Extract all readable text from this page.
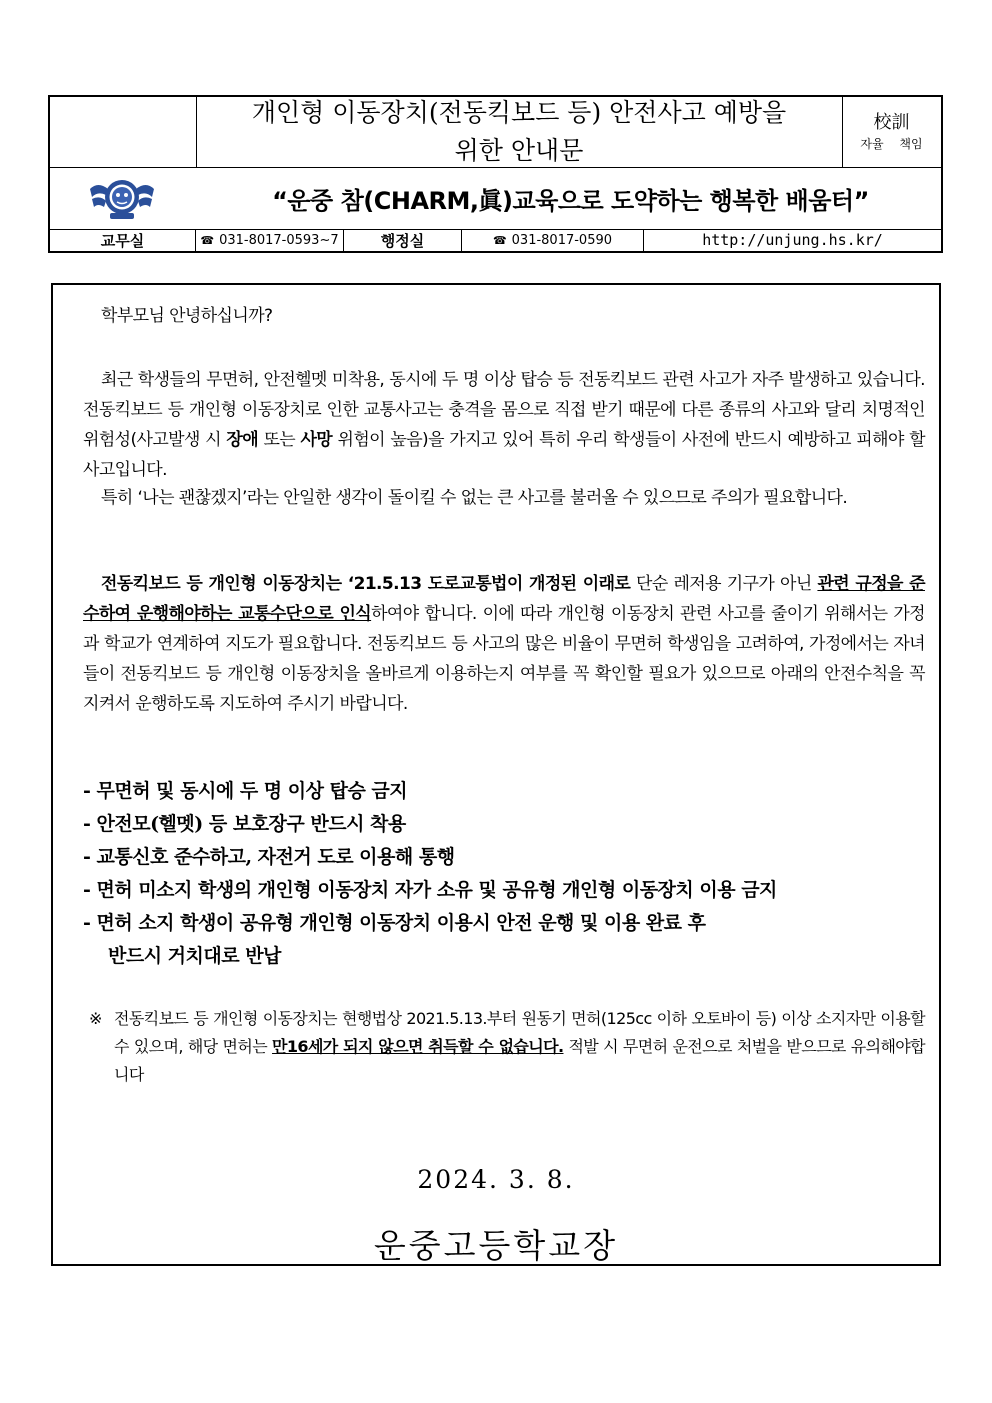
개인형 이동장치(전동킥보드 등) 안전사고 예방을
위한 안내문
校訓
자율 책임
“운중 참(CHARM,眞)교육으로 도약하는 행복한 배움터”
교무실	☎ 031-8017-0593~7	행정실	☎ 031-8017-0590	http://unjung.hs.kr/
학부모님 안녕하십니까?
최근 학생들의 무면허, 안전헬멧 미착용, 동시에 두 명 이상 탑승 등 전동킥보드 관련 사고가 자주 발생하고 있습니다. 전동킥보드 등 개인형 이동장치로 인한 교통사고는 충격을 몸으로 직접 받기 때문에 다른 종류의 사고와 달리 치명적인 위험성(사고발생 시 장애 또는 사망 위험이 높음)을 가지고 있어 특히 우리 학생들이 사전에 반드시 예방하고 피해야 할 사고입니다.
특히 ‘나는 괜찮겠지’라는 안일한 생각이 돌이킬 수 없는 큰 사고를 불러올 수 있으므로 주의가 필요합니다.
전동킥보드 등 개인형 이동장치는 ‘21.5.13 도로교통법이 개정된 이래로 단순 레저용 기구가 아닌 관련 규정을 준수하여 운행해야하는 교통수단으로 인식하여야 합니다. 이에 따라 개인형 이동장치 관련 사고를 줄이기 위해서는 가정과 학교가 연계하여 지도가 필요합니다. 전동킥보드 등 사고의 많은 비율이 무면허 학생임을 고려하여, 가정에서는 자녀들이 전동킥보드 등 개인형 이동장치을 올바르게 이용하는지 여부를 꼭 확인할 필요가 있으므로 아래의 안전수칙을 꼭 지켜서 운행하도록 지도하여 주시기 바랍니다.
- 무면허 및 동시에 두 명 이상 탑승 금지
- 안전모(헬멧) 등 보호장구 반드시 착용
- 교통신호 준수하고, 자전거 도로 이용해 통행
- 면허 미소지 학생의 개인형 이동장치 자가 소유 및 공유형 개인형 이동장치 이용 금지
- 면허 소지 학생이 공유형 개인형 이동장치 이용시 안전 운행 및 이용 완료 후
반드시 거치대로 반납
※ 전동킥보드 등 개인형 이동장치는 현행법상 2021.5.13.부터 원동기 면허(125cc 이하 오토바이 등) 이상 소지자만 이용할 수 있으며, 해당 면허는 만16세가 되지 않으면 취득할 수 없습니다. 적발 시 무면허 운전으로 처벌을 받으므로 유의해야합니다
2024. 3. 8.
운중고등학교장
